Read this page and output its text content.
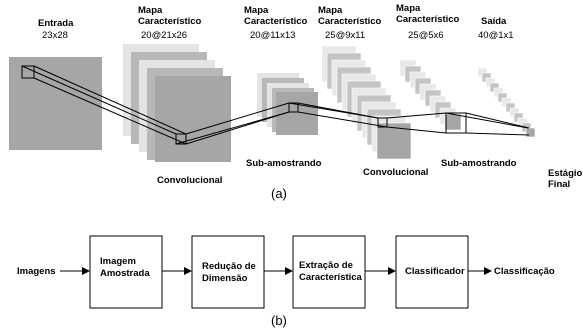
Entrada
23x28
Mapa
Característico
20@21x26
Convolucional
Mapa
Característico
20@11x13
Sub-amostrando
Mapa
Característico
25@9x11
Convolucional
Mapa
Característico
25@5x6
Sub-amostrando
Saída
40@1x1
Estágio
Final
(a)
Imagens
Imagem
Amostrada
Redução de
Dimensão
Extração de
Característica
Classificador	Classificação
(b)
